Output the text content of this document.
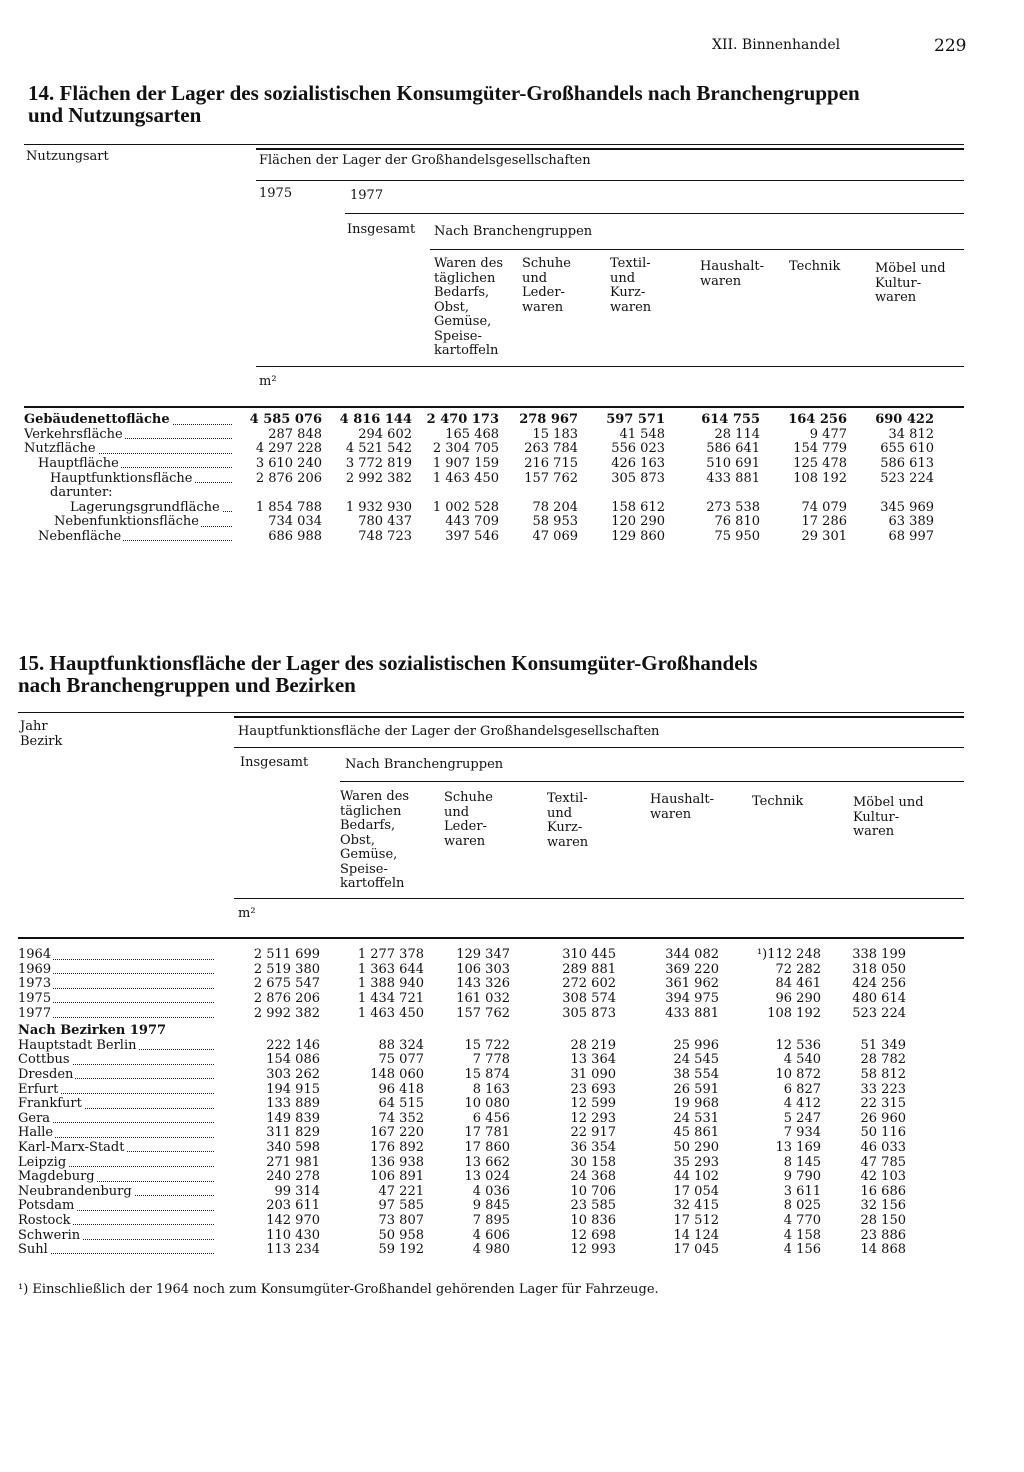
XII. Binnenhandel	229
14. Flächen der Lager des sozialistischen Konsumgüter-Großhandels nach Branchengruppen
und Nutzungsarten
Nutzungsart	Flächen der Lager der Großhandelsgesellschaften
1975	1977
Insgesamt Nach Branchengruppen
Waren des täglichen Bedarfs, Obst, Gemüse, Speise-kartoffeln
Schuhe und Leder-waren
Textil-und Kurz-waren
Haushalt-waren
Technik	Möbel und Kultur-waren
m²
Gebäudenettofläche	4 585 076	4 816 144	2 470 173	278 967	597 571	614 755	164 256	690 422
Verkehrsfläche	287 848	294 602	165 468	15 183	41 548	28 114	9 477	34 812
Nutzfläche	4 297 228	4 521 542	2 304 705	263 784	556 023	586 641	154 779	655 610
Hauptfläche	3 610 240	3 772 819	1 907 159	216 715	426 163	510 691	125 478	586 613
Hauptfunktionsfläche	2 876 206	2 992 382	1 463 450	157 762	305 873	433 881	108 192	523 224
darunter:								
Lagerungsgrundfläche	1 854 788	1 932 930	1 002 528	78 204	158 612	273 538	74 079	345 969
Nebenfunktionsfläche	734 034	780 437	443 709	58 953	120 290	76 810	17 286	63 389
Nebenfläche	686 988	748 723	397 546	47 069	129 860	75 950	29 301	68 997
15. Hauptfunktionsfläche der Lager des sozialistischen Konsumgüter-Großhandels
nach Branchengruppen und Bezirken
Jahr
Bezirk
Hauptfunktionsfläche der Lager der Großhandelsgesellschaften
Insgesamt	Nach Branchengruppen
Waren des täglichen Bedarfs, Obst, Gemüse, Speise-kartoffeln
Schuhe und Leder-waren
Textil-und Kurz-waren
Haushalt-waren
Technik	Möbel und Kultur-waren
m²
1964	2 511 699	1 277 378	129 347	310 445	344 082	¹)112 248	338 199
1969	2 519 380	1 363 644	106 303	289 881	369 220	72 282	318 050
1973	2 675 547	1 388 940	143 326	272 602	361 962	84 461	424 256
1975	2 876 206	1 434 721	161 032	308 574	394 975	96 290	480 614
1977	2 992 382	1 463 450	157 762	305 873	433 881	108 192	523 224
Nach Bezirken 1977							
Hauptstadt Berlin	222 146	88 324	15 722	28 219	25 996	12 536	51 349
Cottbus	154 086	75 077	7 778	13 364	24 545	4 540	28 782
Dresden	303 262	148 060	15 874	31 090	38 554	10 872	58 812
Erfurt	194 915	96 418	8 163	23 693	26 591	6 827	33 223
Frankfurt	133 889	64 515	10 080	12 599	19 968	4 412	22 315
Gera	149 839	74 352	6 456	12 293	24 531	5 247	26 960
Halle	311 829	167 220	17 781	22 917	45 861	7 934	50 116
Karl-Marx-Stadt	340 598	176 892	17 860	36 354	50 290	13 169	46 033
Leipzig	271 981	136 938	13 662	30 158	35 293	8 145	47 785
Magdeburg	240 278	106 891	13 024	24 368	44 102	9 790	42 103
Neubrandenburg	99 314	47 221	4 036	10 706	17 054	3 611	16 686
Potsdam	203 611	97 585	9 845	23 585	32 415	8 025	32 156
Rostock	142 970	73 807	7 895	10 836	17 512	4 770	28 150
Schwerin	110 430	50 958	4 606	12 698	14 124	4 158	23 886
Suhl	113 234	59 192	4 980	12 993	17 045	4 156	14 868
¹) Einschließlich der 1964 noch zum Konsumgüter-Großhandel gehörenden Lager für Fahrzeuge.
